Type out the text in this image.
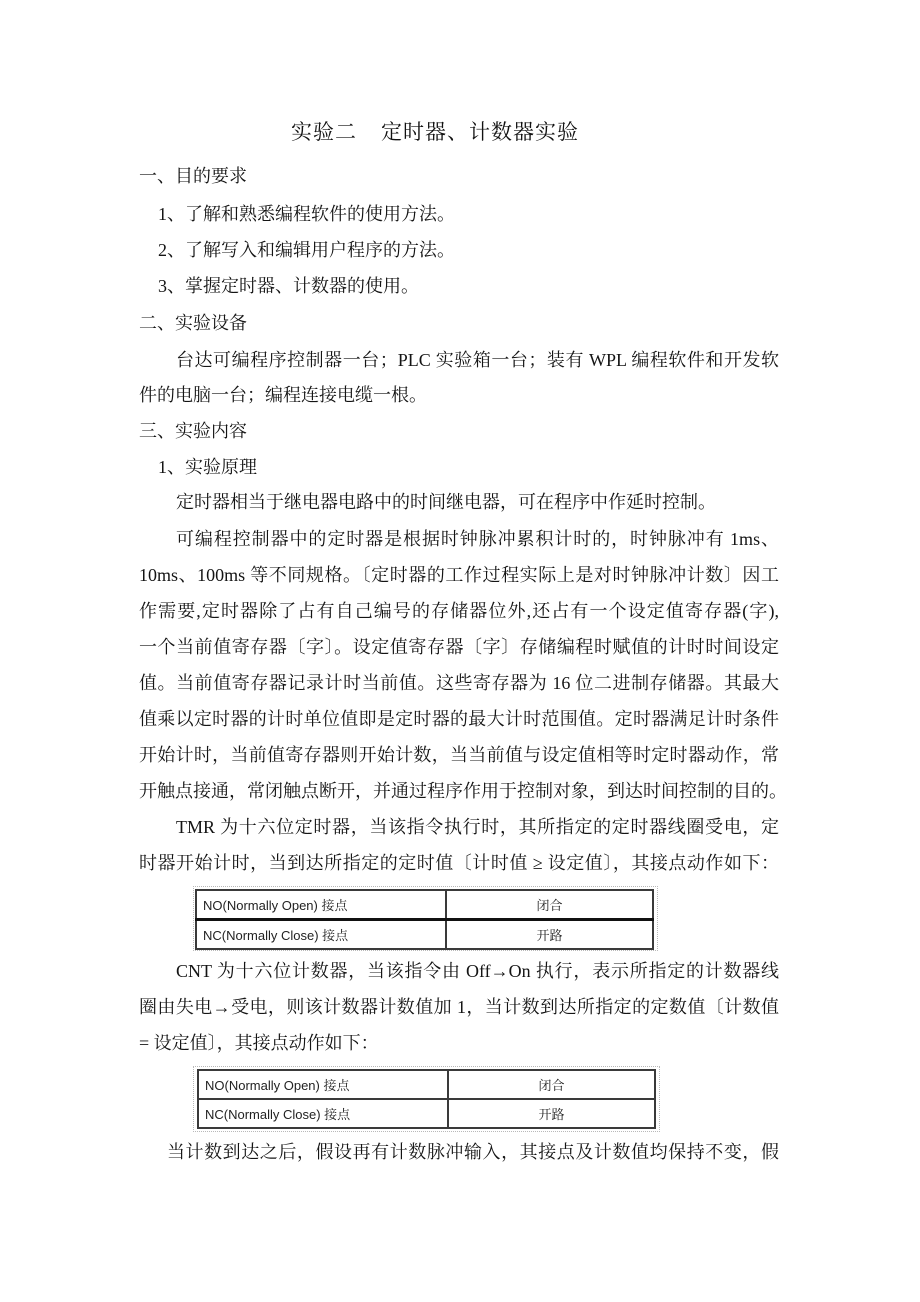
实验二 定时器、计数器实验
一、目的要求
1、了解和熟悉编程软件的使用方法。
2、了解写入和编辑用户程序的方法。
3、掌握定时器、计数器的使用。
二、实验设备
台达可编程序控制器一台；PLC 实验箱一台；装有 WPL 编程软件和开发软
件的电脑一台；编程连接电缆一根。
三、实验内容
1、实验原理
定时器相当于继电器电路中的时间继电器，可在程序中作延时控制。
可编程控制器中的定时器是根据时钟脉冲累积计时的，时钟脉冲有 1ms、
10ms、100ms 等不同规格。〔定时器的工作过程实际上是对时钟脉冲计数〕因工
作需要,定时器除了占有自己编号的存储器位外,还占有一个设定值寄存器(字),
一个当前值寄存器〔字〕。设定值寄存器〔字〕存储编程时赋值的计时时间设定
值。当前值寄存器记录计时当前值。这些寄存器为 16 位二进制存储器。其最大
值乘以定时器的计时单位值即是定时器的最大计时范围值。定时器满足计时条件
开始计时，当前值寄存器则开始计数，当当前值与设定值相等时定时器动作，常
开触点接通，常闭触点断开，并通过程序作用于控制对象，到达时间控制的目的。
TMR 为十六位定时器，当该指令执行时，其所指定的定时器线圈受电，定
时器开始计时，当到达所指定的定时值〔计时值 ≥ 设定值〕，其接点动作如下：
NO(Normally Open) 接点	闭合
NC(Normally Close) 接点	开路
CNT 为十六位计数器，当该指令由 Off→On 执行，表示所指定的计数器线
圈由失电→受电，则该计数器计数值加 1，当计数到达所指定的定数值〔计数值
= 设定值〕，其接点动作如下：
NO(Normally Open) 接点	闭合
NC(Normally Close) 接点	开路
当计数到达之后，假设再有计数脉冲输入，其接点及计数值均保持不变，假
